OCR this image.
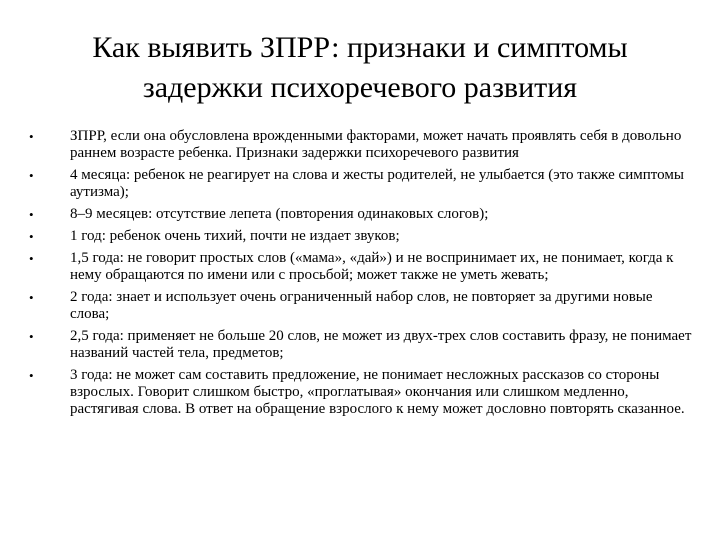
Как выявить ЗПРР: признаки и симптомы
задержки психоречевого развития
•	ЗПРР, если она обусловлена врожденными факторами, может начать проявлять себя в довольно раннем возрасте ребенка. Признаки задержки психоречевого развития
•	4 месяца: ребенок не реагирует на слова и жесты родителей, не улыбается (это также симптомы аутизма);
•	8–9 месяцев: отсутствие лепета (повторения одинаковых слогов);
•	1 год: ребенок очень тихий, почти не издает звуков;
•	1,5 года: не говорит простых слов («мама», «дай») и не воспринимает их, не понимает, когда к нему обращаются по имени или с просьбой; может также не уметь жевать;
•	2 года: знает и использует очень ограниченный набор слов, не повторяет за другими новые слова;
•	2,5 года: применяет не больше 20 слов, не может из двух-трех слов составить фразу, не понимает названий частей тела, предметов;
•	3 года: не может сам составить предложение, не понимает несложных рассказов со стороны взрослых. Говорит слишком быстро, «проглатывая» окончания или слишком медленно, растягивая слова. В ответ на обращение взрослого к нему может дословно повторять сказанное.
